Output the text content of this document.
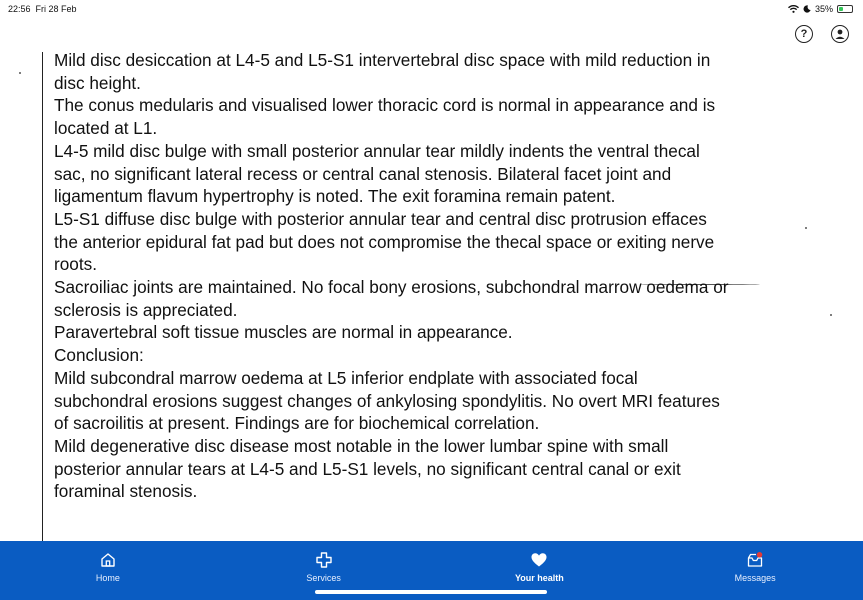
22:56 Fri 28 Feb	35%
?
Mild disc desiccation at L4-5 and L5-S1 intervertebral disc space with mild reduction in
disc height.
The conus medularis and visualised lower thoracic cord is normal in appearance and is
located at L1.
L4-5 mild disc bulge with small posterior annular tear mildly indents the ventral thecal
sac, no significant lateral recess or central canal stenosis. Bilateral facet joint and
ligamentum flavum hypertrophy is noted. The exit foramina remain patent.
L5-S1 diffuse disc bulge with posterior annular tear and central disc protrusion effaces
the anterior epidural fat pad but does not compromise the thecal space or exiting nerve
roots.
Sacroiliac joints are maintained. No focal bony erosions, subchondral marrow oedema or
sclerosis is appreciated.
Paravertebral soft tissue muscles are normal in appearance.
Conclusion:
Mild subcondral marrow oedema at L5 inferior endplate with associated focal
subchondral erosions suggest changes of ankylosing spondylitis. No overt MRI features
of sacroilitis at present. Findings are for biochemical correlation.
Mild degenerative disc disease most notable in the lower lumbar spine with small
posterior annular tears at L4-5 and L5-S1 levels, no significant central canal or exit
foraminal stenosis.
Home	Services	Your health	Messages
